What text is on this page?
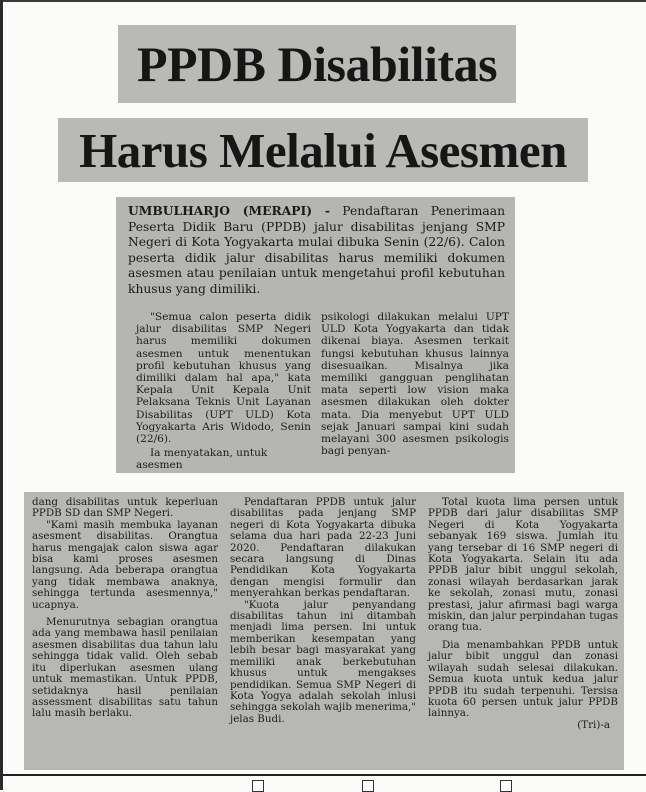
PPDB Disabilitas
Harus Melalui Asesmen

UMBULHARJO (MERAPI) - Pendaftaran Penerimaan Peserta Didik Baru (PPDB) jalur disabilitas jenjang SMP Negeri di Kota Yogyakarta mulai dibuka Senin (22/6). Calon peserta didik jalur disabilitas harus memiliki dokumen asesmen atau penilaian untuk mengetahui profil kebutuhan khusus yang dimiliki.

"Semua calon peserta didik jalur disabilitas SMP Negeri harus memiliki dokumen asesmen untuk menentukan profil kebutuhan khusus yang dimiliki dalam hal apa," kata Kepala Unit Kepala Unit Pelaksana Teknis Unit Layanan Disabilitas (UPT ULD) Kota Yogyakarta Aris Widodo, Senin (22/6).

Ia menyatakan, untuk asesmen

psikologi dilakukan melalui UPT ULD Kota Yogyakarta dan tidak dikenai biaya. Asesmen terkait fungsi kebutuhan khusus lainnya disesuaikan. Misalnya jika memiliki gangguan penglihatan mata seperti low vision maka asesmen dilakukan oleh dokter mata. Dia menyebut UPT ULD sejak Januari sampai kini sudah melayani 300 asesmen psikologis bagi penyan-

dang disabilitas untuk keperluan PPDB SD dan SMP Negeri.

"Kami masih membuka layanan asesment disabilitas. Orangtua harus mengajak calon siswa agar bisa kami proses asesmen langsung. Ada beberapa orangtua yang tidak membawa anaknya, sehingga tertunda asesmennya," ucapnya.

Menurutnya sebagian orangtua ada yang membawa hasil penilaian asesmen disabilitas dua tahun lalu sehingga tidak valid. Oleh sebab itu diperlukan asesmen ulang untuk memastikan. Untuk PPDB, setidaknya hasil penilaian assessment disabilitas satu tahun lalu masih berlaku.

Pendaftaran PPDB untuk jalur disabilitas pada jenjang SMP negeri di Kota Yogyakarta dibuka selama dua hari pada 22-23 Juni 2020. Pendaftaran dilakukan secara langsung di Dinas Pendidikan Kota Yogyakarta dengan mengisi formulir dan menyerahkan berkas pendaftaran.

"Kuota jalur penyandang disabilitas tahun ini ditambah menjadi lima persen. Ini untuk memberikan kesempatan yang lebih besar bagi masyarakat yang memiliki anak berkebutuhan khusus untuk mengakses pendidikan. Semua SMP Negeri di Kota Yogya adalah sekolah inlusi sehingga sekolah wajib menerima," jelas Budi.

Total kuota lima persen untuk PPDB dari jalur disabilitas SMP Negeri di Kota Yogyakarta sebanyak 169 siswa. Jumlah itu yang tersebar di 16 SMP negeri di Kota Yogyakarta. Selain itu ada PPDB jalur bibit unggul sekolah, zonasi wilayah berdasarkan jarak ke sekolah, zonasi mutu, zonasi prestasi, jalur afirmasi bagi warga miskin, dan jalur perpindahan tugas orang tua.

Dia menambahkan PPDB untuk jalur bibit unggul dan zonasi wilayah sudah selesai dilakukan. Semua kuota untuk kedua jalur PPDB itu sudah terpenuhi. Tersisa kuota 60 persen untuk jalur PPDB lainnya.

(Tri)-a
